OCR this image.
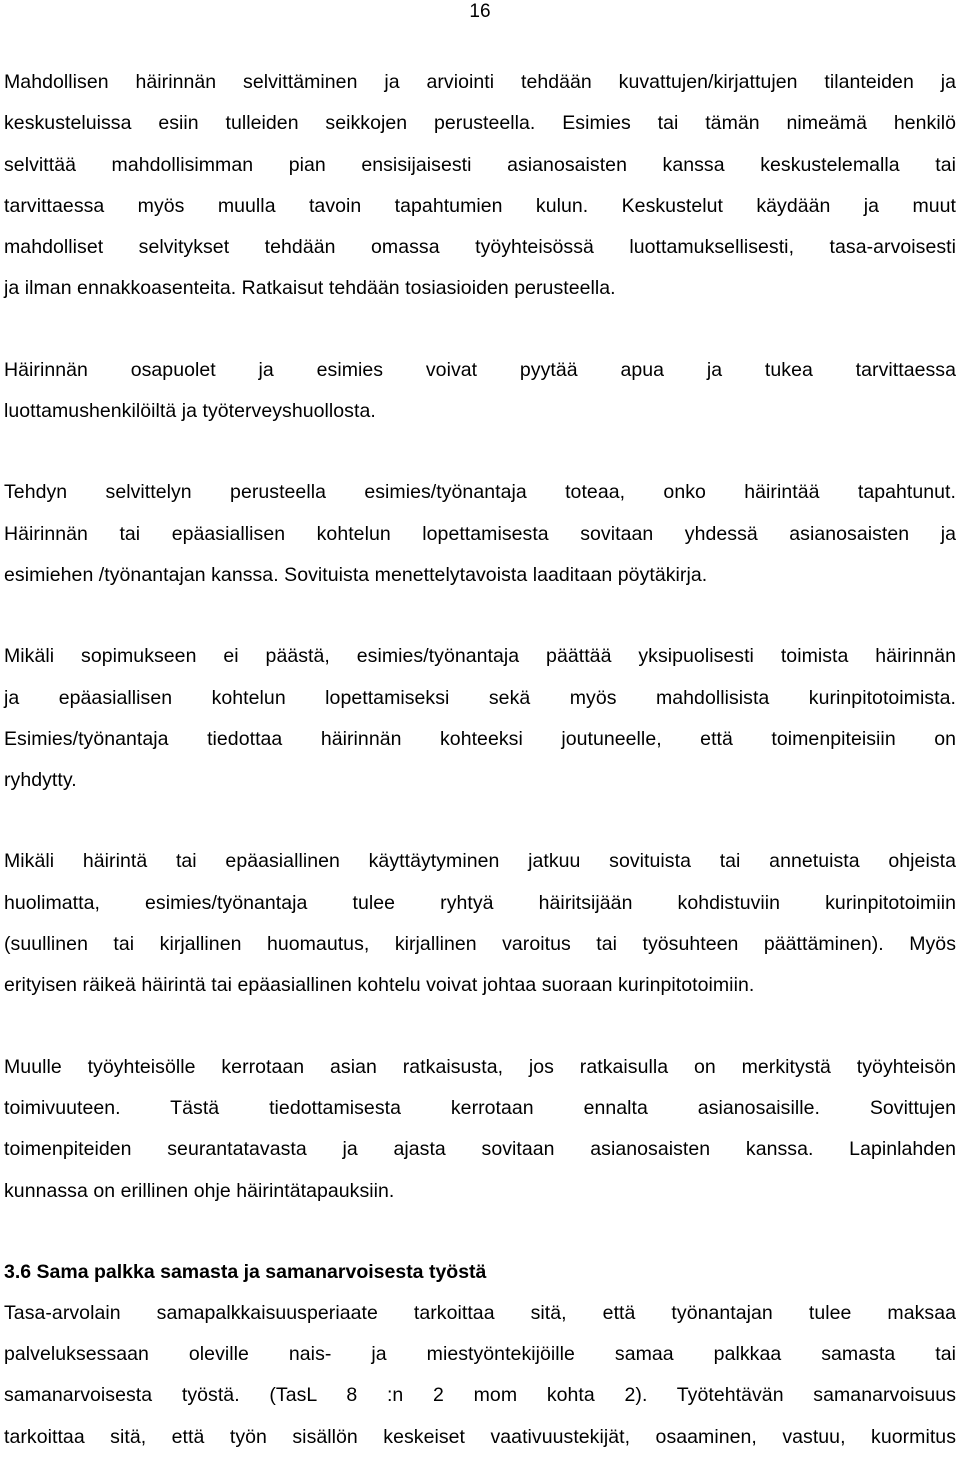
16

Mahdollisen häirinnän selvittäminen ja arviointi tehdään kuvattujen/kirjattujen tilanteiden ja
keskusteluissa esiin tulleiden seikkojen perusteella. Esimies tai tämän nimeämä henkilö
selvittää mahdollisimman pian ensisijaisesti asianosaisten kanssa keskustelemalla tai
tarvittaessa myös muulla tavoin tapahtumien kulun. Keskustelut käydään ja muut
mahdolliset selvitykset tehdään omassa työyhteisössä luottamuksellisesti, tasa-arvoisesti
ja ilman ennakkoasenteita. Ratkaisut tehdään tosiasioiden perusteella.

Häirinnän osapuolet ja esimies voivat pyytää apua ja tukea tarvittaessa
luottamushenkilöiltä ja työterveyshuollosta.

Tehdyn selvittelyn perusteella esimies/työnantaja toteaa, onko häirintää tapahtunut.
Häirinnän tai epäasiallisen kohtelun lopettamisesta sovitaan yhdessä asianosaisten ja
esimiehen /työnantajan kanssa. Sovituista menettelytavoista laaditaan pöytäkirja.

Mikäli sopimukseen ei päästä, esimies/työnantaja päättää yksipuolisesti toimista häirinnän
ja epäasiallisen kohtelun lopettamiseksi sekä myös mahdollisista kurinpitotoimista.
Esimies/työnantaja tiedottaa häirinnän kohteeksi joutuneelle, että toimenpiteisiin on
ryhdytty.

Mikäli häirintä tai epäasiallinen käyttäytyminen jatkuu sovituista tai annetuista ohjeista
huolimatta, esimies/työnantaja tulee ryhtyä häiritsijään kohdistuviin kurinpitotoimiin
(suullinen tai kirjallinen huomautus, kirjallinen varoitus tai työsuhteen päättäminen). Myös
erityisen räikeä häirintä tai epäasiallinen kohtelu voivat johtaa suoraan kurinpitotoimiin.

Muulle työyhteisölle kerrotaan asian ratkaisusta, jos ratkaisulla on merkitystä työyhteisön
toimivuuteen. Tästä tiedottamisesta kerrotaan ennalta asianosaisille. Sovittujen
toimenpiteiden seurantatavasta ja ajasta sovitaan asianosaisten kanssa. Lapinlahden
kunnassa on erillinen ohje häirintätapauksiin.

3.6 Sama palkka samasta ja samanarvoisesta työstä

Tasa-arvolain samapalkkaisuusperiaate tarkoittaa sitä, että työnantajan tulee maksaa
palveluksessaan oleville nais- ja miestyöntekijöille samaa palkkaa samasta tai
samanarvoisesta työstä. (TasL 8 :n 2 mom kohta 2). Työtehtävän samanarvoisuus
tarkoittaa sitä, että työn sisällön keskeiset vaativuustekijät, osaaminen, vastuu, kuormitus
